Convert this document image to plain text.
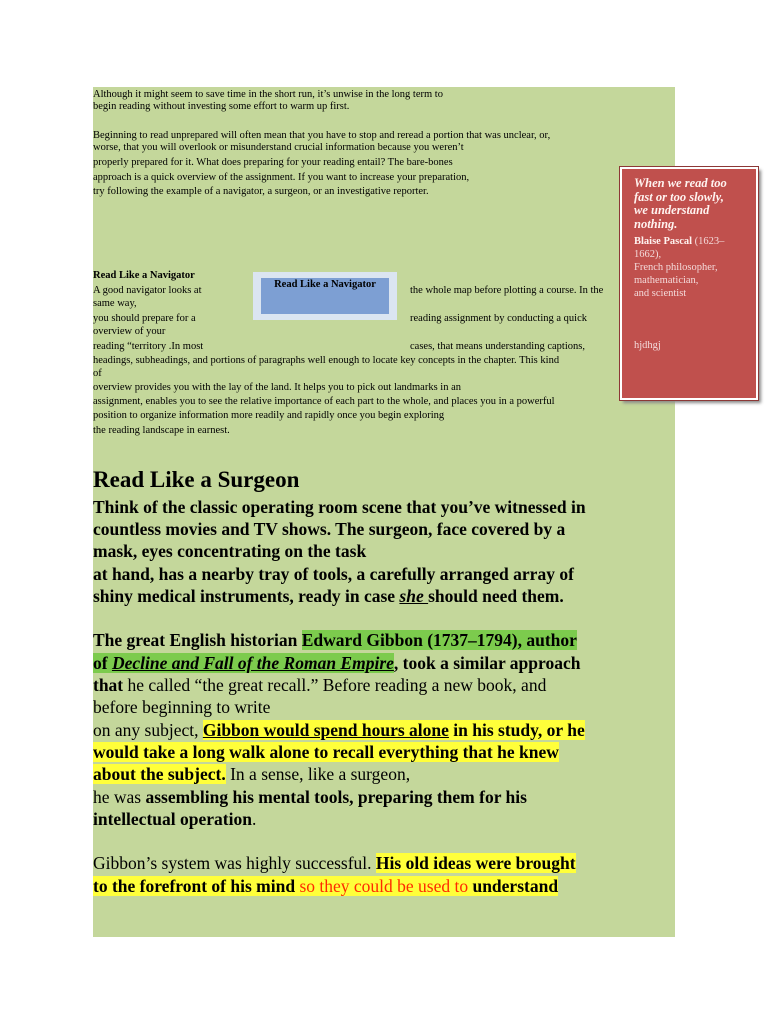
Although it might seem to save time in the short run, it’s unwise in the long term to
begin reading without investing some effort to warm up first.
Beginning to read unprepared will often mean that you have to stop and reread a portion that was unclear, or,
worse, that you will overlook or misunderstand crucial information because you weren’t
properly prepared for it. What does preparing for your reading entail? The bare-bones
approach is a quick overview of the assignment. If you want to increase your preparation,
try following the example of a navigator, a surgeon, or an investigative reporter.
Read Like a Navigator
A good navigator looks at
same way,
you should prepare for a
overview of your
reading “territory .In most
the whole map before plotting a course. In the
reading assignment by conducting a quick
cases, that means understanding captions,
headings, subheadings, and portions of paragraphs well enough to locate key concepts in the chapter. This kind
of
overview provides you with the lay of the land. It helps you to pick out landmarks in an
assignment, enables you to see the relative importance of each part to the whole, and places you in a powerful
position to organize information more readily and rapidly once you begin exploring
the reading landscape in earnest.
Read Like a Navigator
When we read too
fast or too slowly,
we understand
nothing.
Blaise Pascal (1623–
1662),
French philosopher,
mathematician,
and scientist
hjdhgj
Read Like a Surgeon
Think of the classic operating room scene that you’ve witnessed in
countless movies and TV shows. The surgeon, face covered by a
mask, eyes concentrating on the task
at hand, has a nearby tray of tools, a carefully arranged array of
shiny medical instruments, ready in case she should need them.
The great English historian Edward Gibbon (1737–1794), author
of Decline and Fall of the Roman Empire, took a similar approach
that he called “the great recall.” Before reading a new book, and
before beginning to write
on any subject, Gibbon would spend hours alone in his study, or he
would take a long walk alone to recall everything that he knew
about the subject. In a sense, like a surgeon,
he was assembling his mental tools, preparing them for his
intellectual operation.
Gibbon’s system was highly successful. His old ideas were brought
to the forefront of his mind so they could be used to understand
